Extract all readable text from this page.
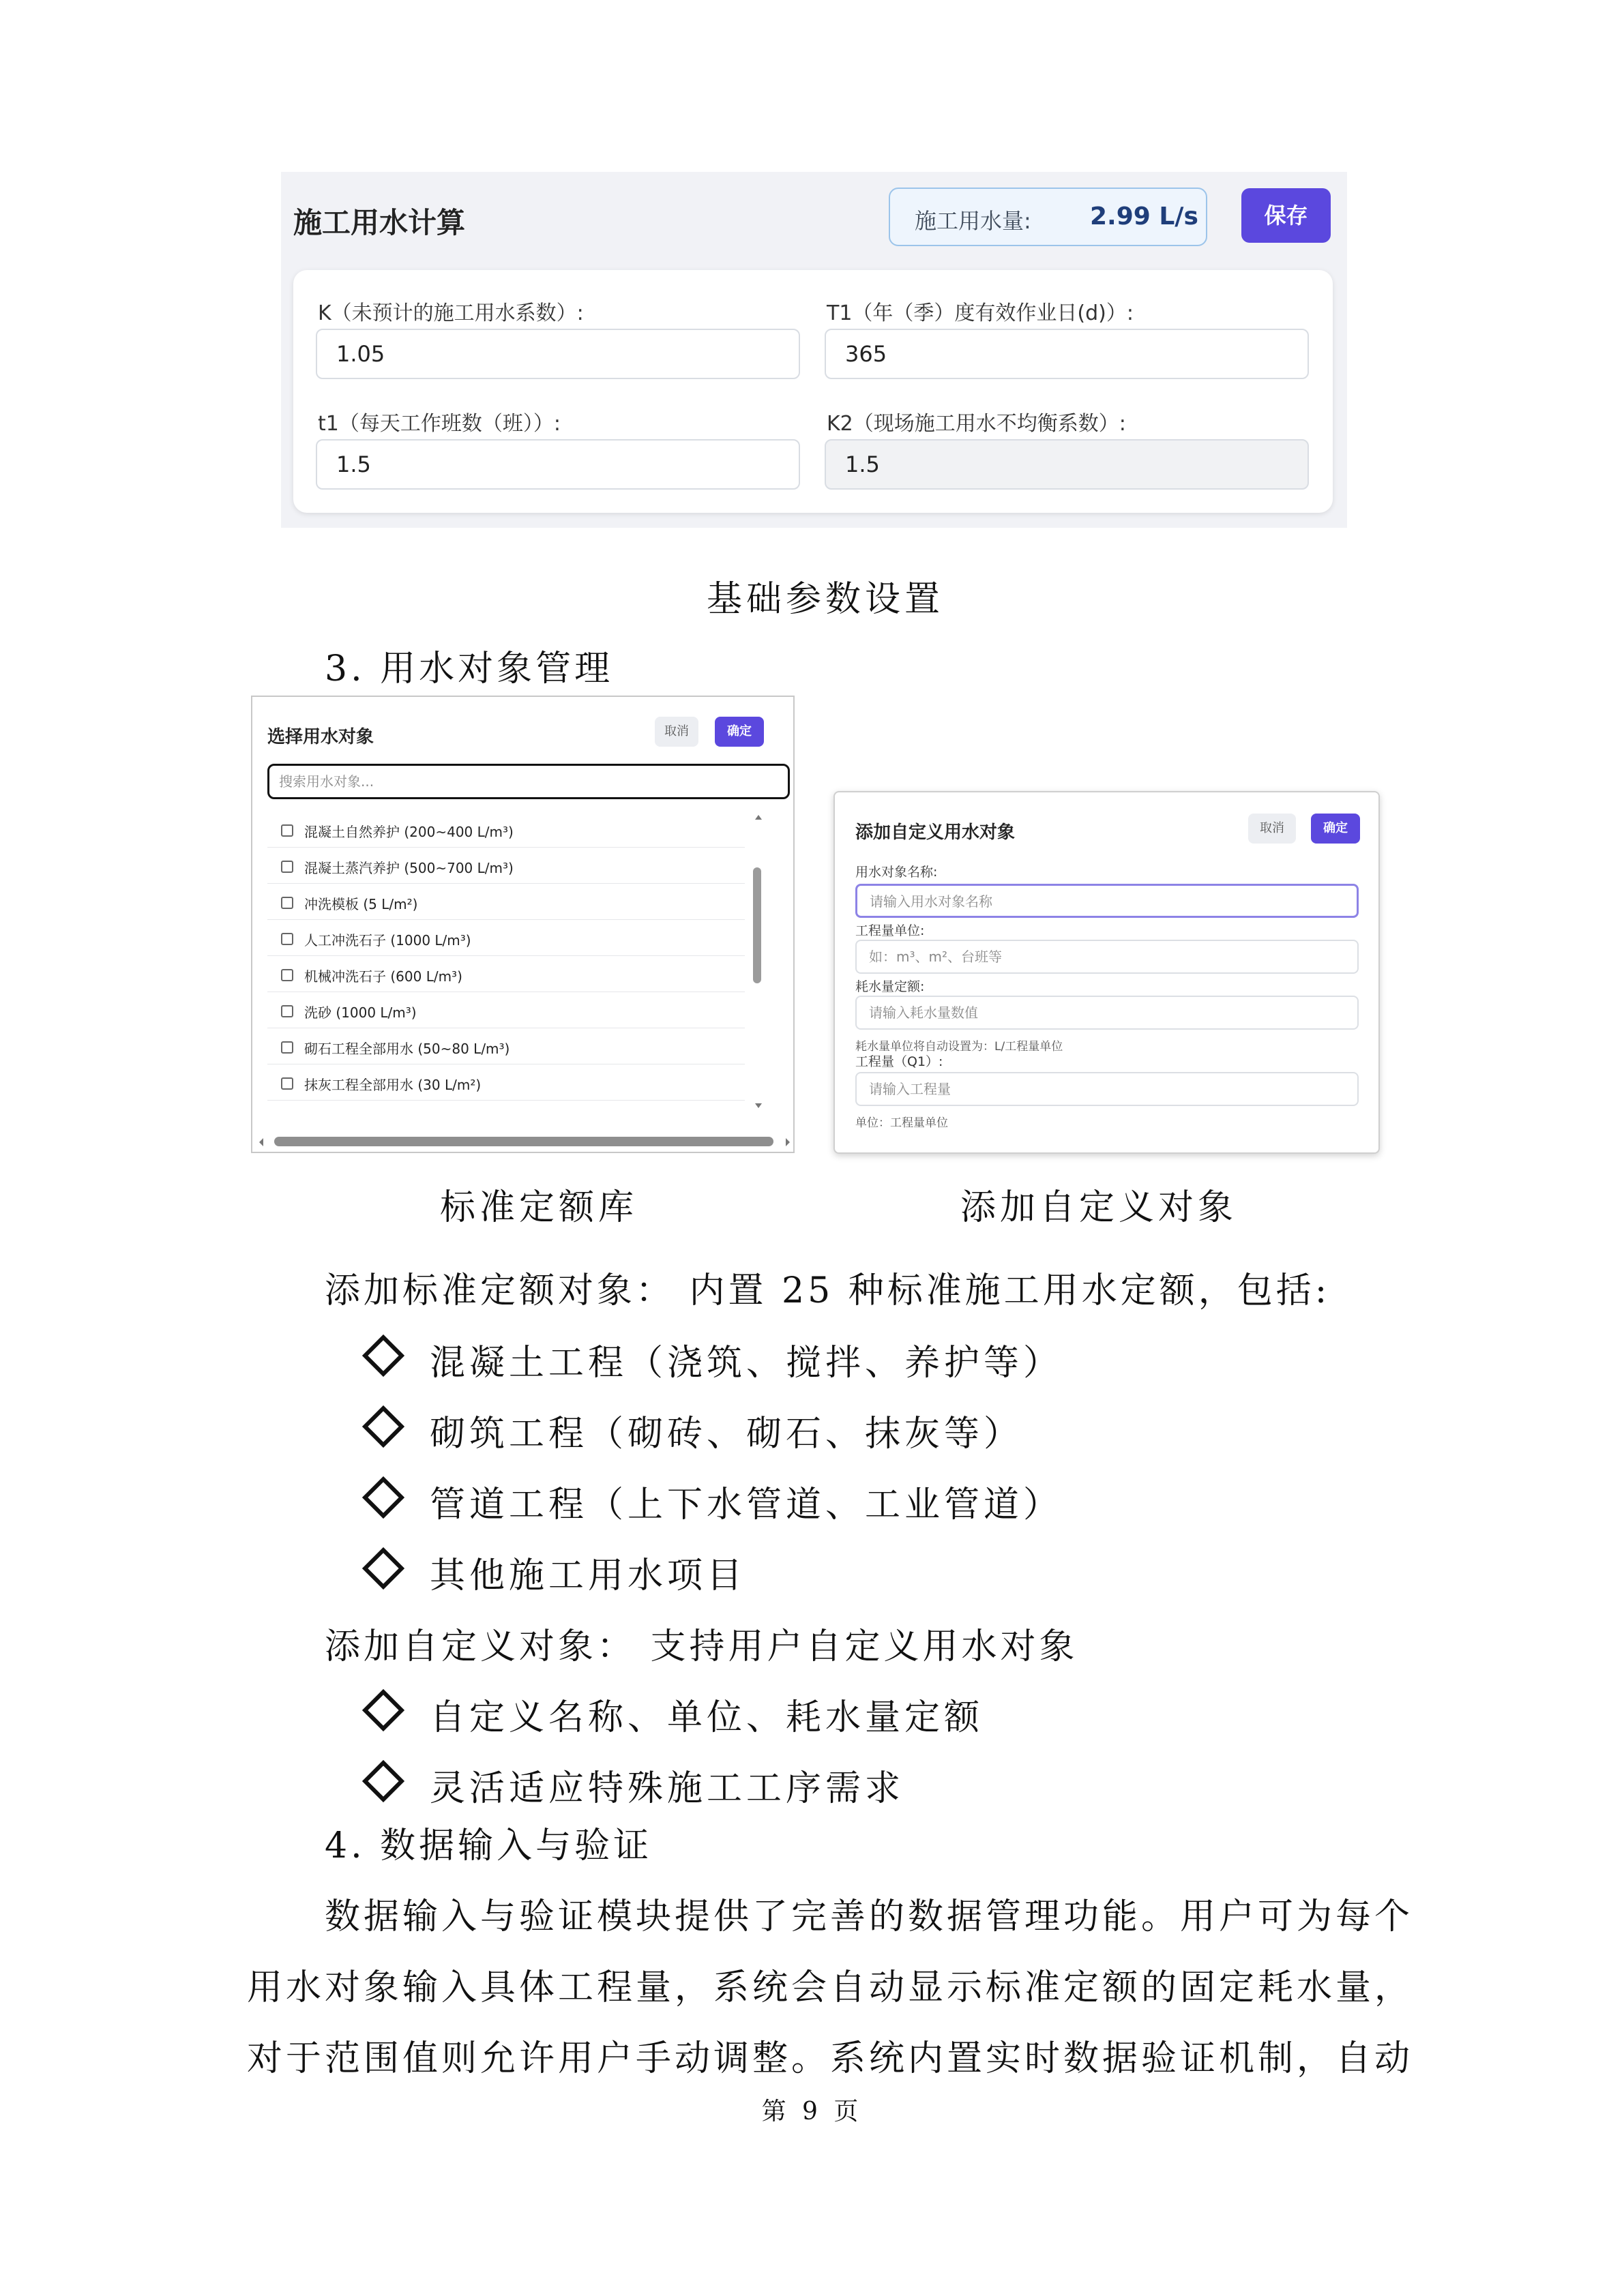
施工用水计算	施工用水量: 2.99 L/s	保存
K（未预计的施工用水系数）:
1.05
T1（年（季）度有效作业日(d)）:
365
t1（每天工作班数（班））:
1.5
K2（现场施工用水不均衡系数）:
1.5
基础参数设置
3. 用水对象管理
选择用水对象	取消	确定
搜索用水对象...
混凝土自然养护 (200~400 L/m³)
混凝土蒸汽养护 (500~700 L/m³)
冲洗模板 (5 L/m²)
人工冲洗石子 (1000 L/m³)
机械冲洗石子 (600 L/m³)
洗砂 (1000 L/m³)
砌石工程全部用水 (50~80 L/m³)
抹灰工程全部用水 (30 L/m²)
添加自定义用水对象	取消	确定
用水对象名称:
请输入用水对象名称
工程量单位:
如：m³、m²、台班等
耗水量定额:
请输入耗水量数值
耗水量单位将自动设置为：L/工程量单位
工程量（Q1）:
请输入工程量
单位：工程量单位
标准定额库	添加自定义对象
添加标准定额对象： 内置 25 种标准施工用水定额，包括:
混凝土工程（浇筑、搅拌、养护等）
砌筑工程（砌砖、砌石、抹灰等）
管道工程（上下水管道、工业管道）
其他施工用水项目
添加自定义对象： 支持用户自定义用水对象
自定义名称、单位、耗水量定额
灵活适应特殊施工工序需求
4. 数据输入与验证
数据输入与验证模块提供了完善的数据管理功能。用户可为每个
用水对象输入具体工程量，系统会自动显示标准定额的固定耗水量，
对于范围值则允许用户手动调整。系统内置实时数据验证机制，自动
第 9 页
